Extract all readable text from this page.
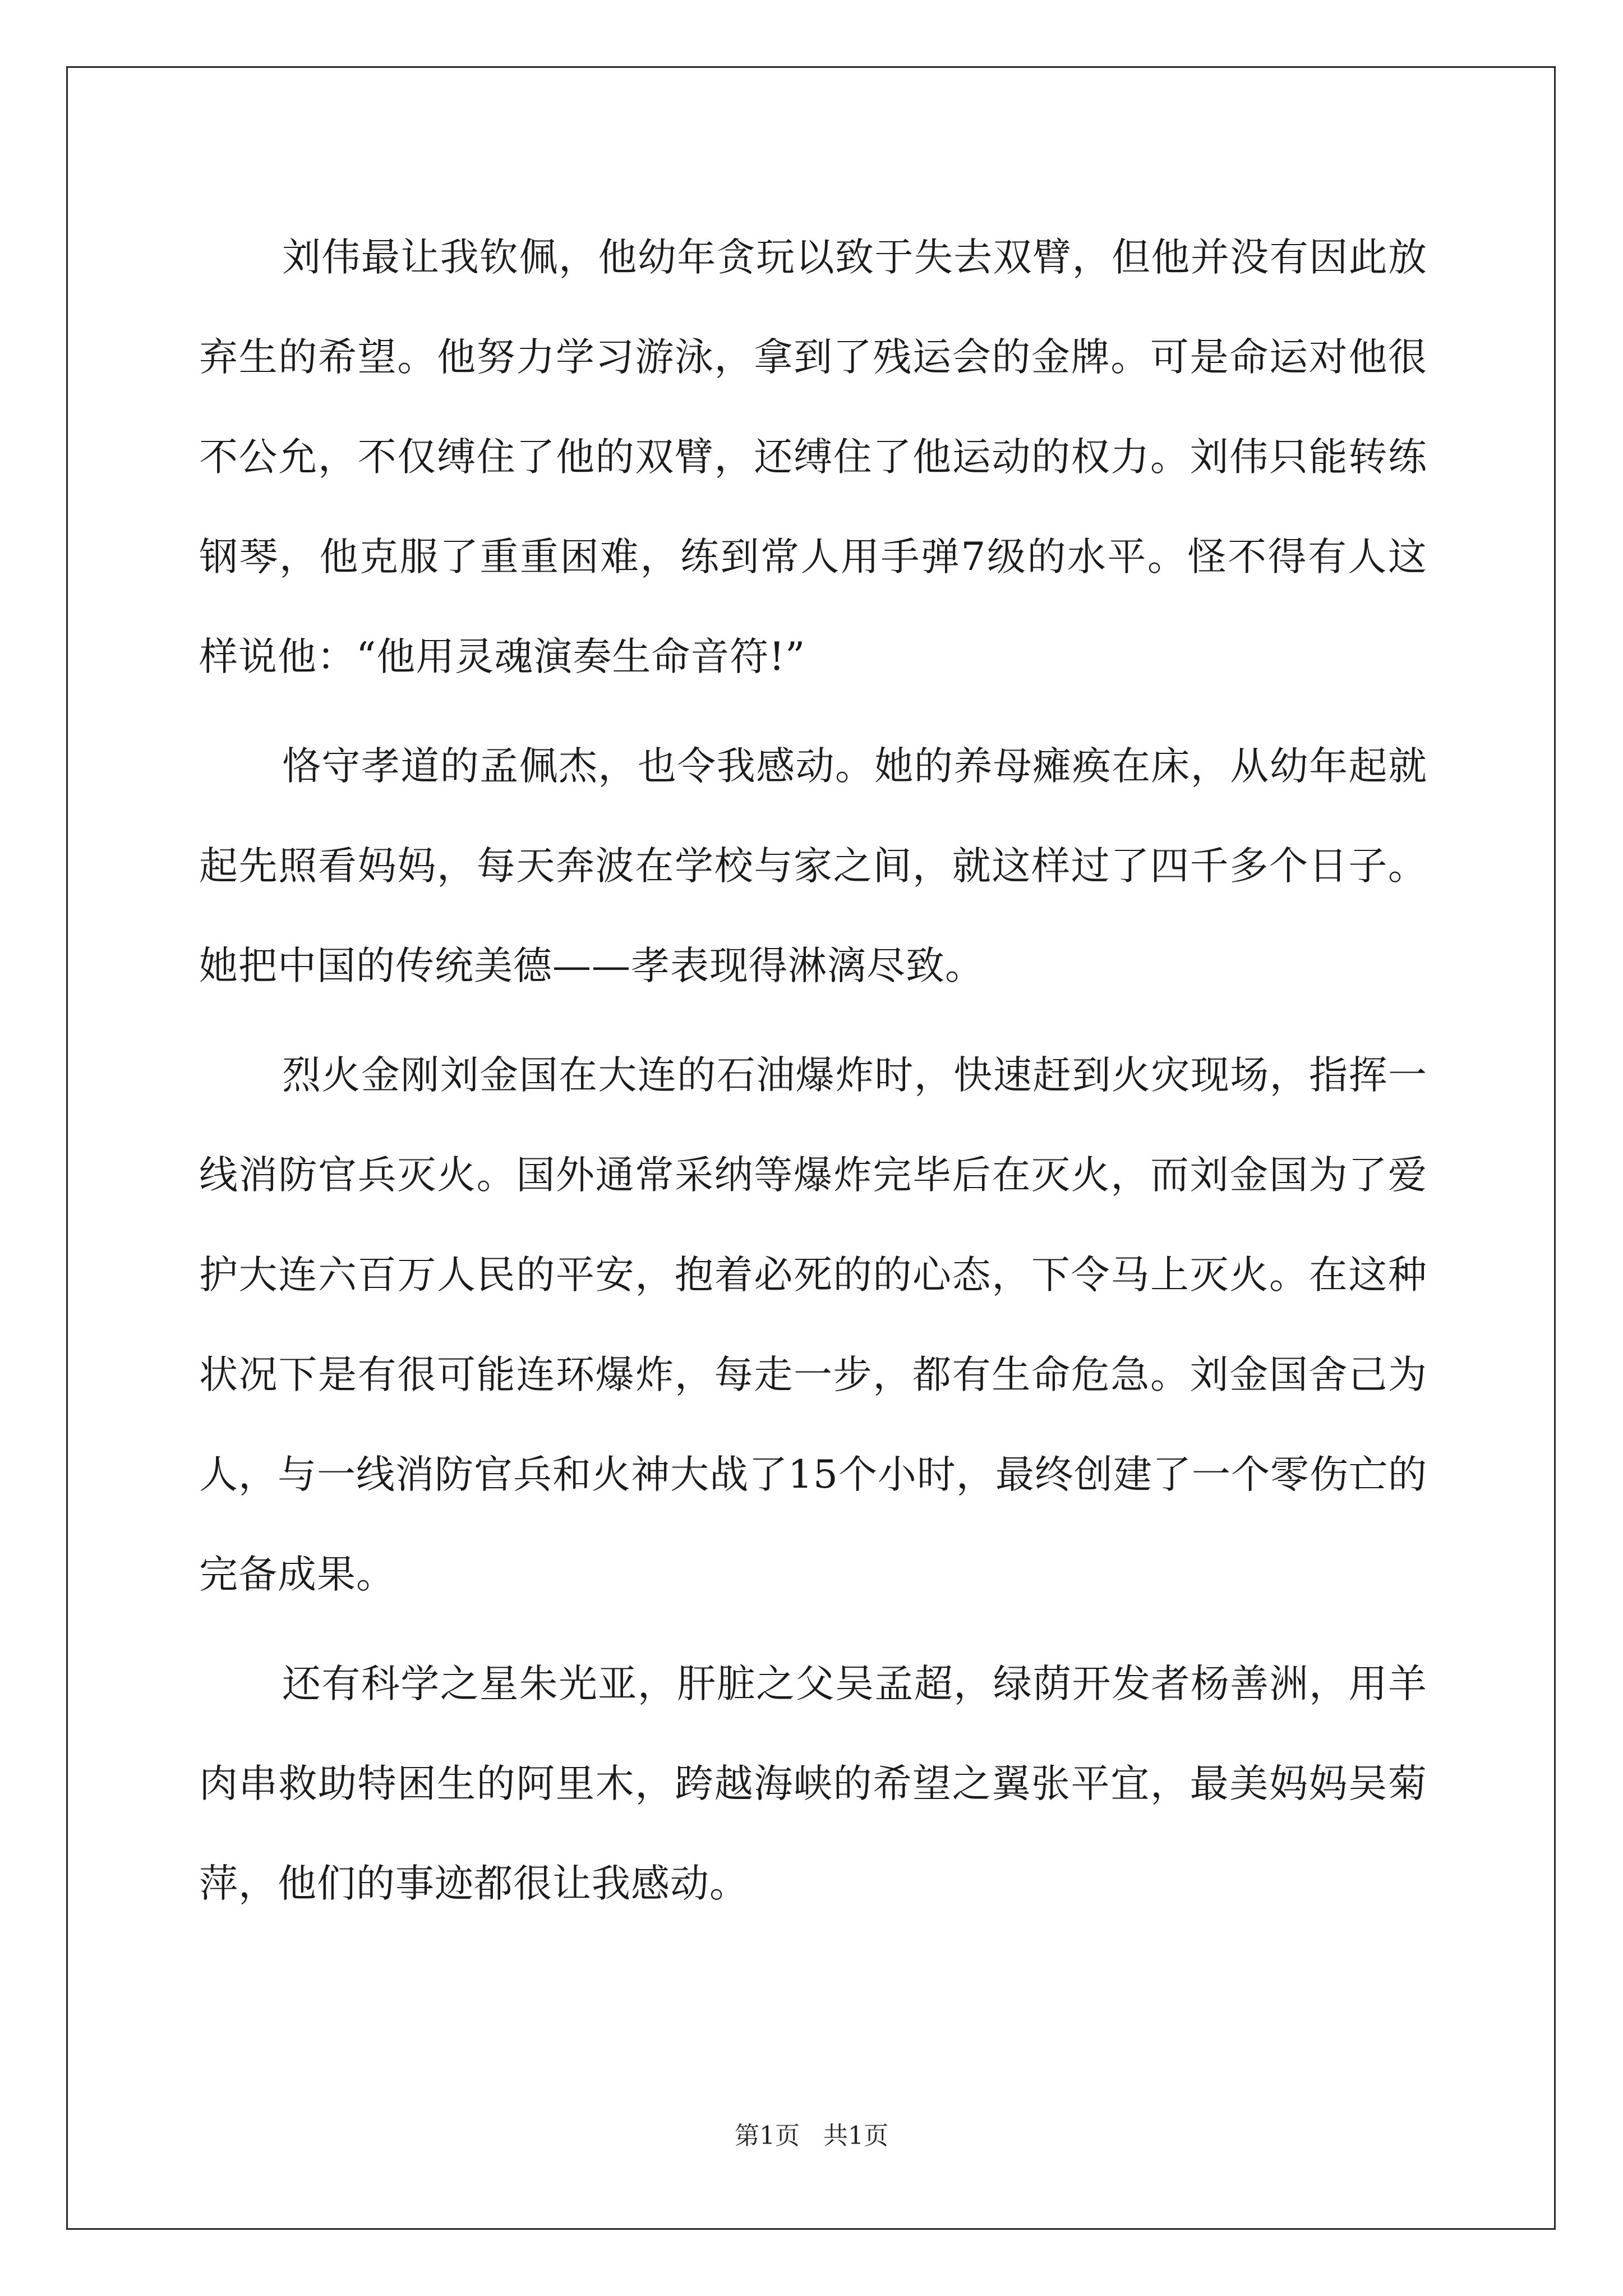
刘伟最让我钦佩，他幼年贪玩以致于失去双臂，但他并没有因此放弃生的希望。他努力学习游泳，拿到了残运会的金牌。可是命运对他很不公允，不仅缚住了他的双臂，还缚住了他运动的权力。刘伟只能转练钢琴，他克服了重重困难，练到常人用手弹7级的水平。怪不得有人这样说他：“他用灵魂演奏生命音符!”

恪守孝道的孟佩杰，也令我感动。她的养母瘫痪在床，从幼年起就起先照看妈妈，每天奔波在学校与家之间，就这样过了四千多个日子。她把中国的传统美德——孝表现得淋漓尽致。

烈火金刚刘金国在大连的石油爆炸时，快速赶到火灾现场，指挥一线消防官兵灭火。国外通常采纳等爆炸完毕后在灭火，而刘金国为了爱护大连六百万人民的平安，抱着必死的的心态，下令马上灭火。在这种状况下是有很可能连环爆炸，每走一步，都有生命危急。刘金国舍己为人，与一线消防官兵和火神大战了15个小时，最终创建了一个零伤亡的完备成果。

还有科学之星朱光亚，肝脏之父吴孟超，绿荫开发者杨善洲，用羊肉串救助特困生的阿里木，跨越海峡的希望之翼张平宜，最美妈妈吴菊萍，他们的事迹都很让我感动。

第1页 共1页
